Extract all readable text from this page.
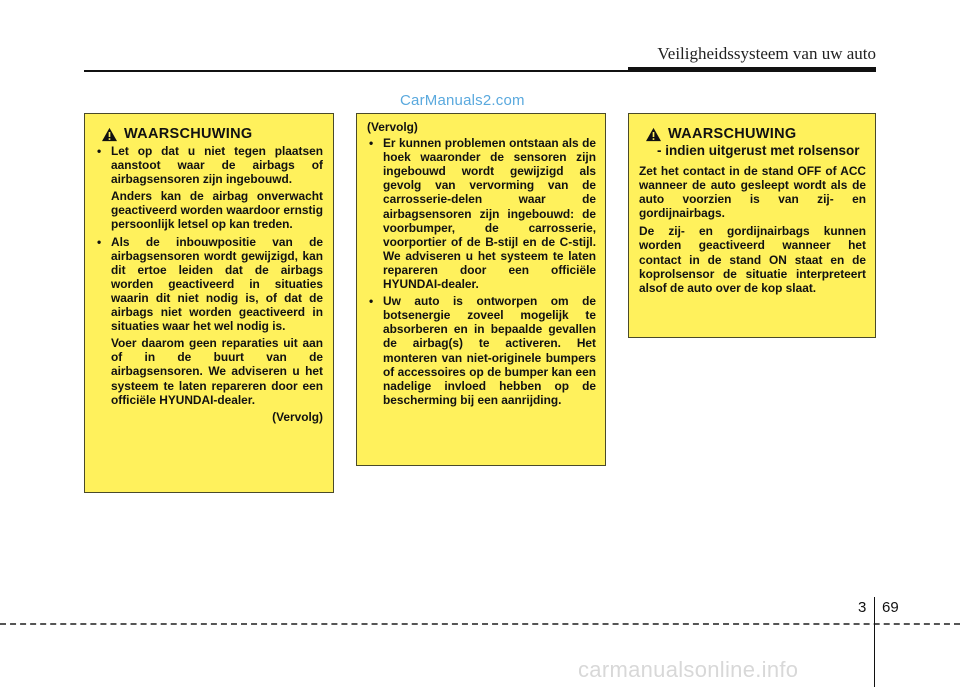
Veiligheidssysteem van uw auto
CarManuals2.com
WAARSCHUWING

• Let op dat u niet tegen plaatsen aanstoot waar de airbags of airbagsensoren zijn ingebouwd.

Anders kan de airbag onverwacht geactiveerd worden waardoor ernstig persoonlijk letsel op kan treden.

• Als de inbouwpositie van de airbagsensoren wordt gewijzigd, kan dit ertoe leiden dat de airbags worden geactiveerd in situaties waarin dit niet nodig is, of dat de airbags niet worden geactiveerd in situaties waar het wel nodig is.

Voer daarom geen reparaties uit aan of in de buurt van de airbagsensoren. We adviseren u het systeem te laten repareren door een officiële HYUNDAI-dealer.

(Vervolg)

(Vervolg)

• Er kunnen problemen ontstaan als de hoek waaronder de sensoren zijn ingebouwd wordt gewijzigd als gevolg van vervorming van de carrosserie-delen waar de airbagsensoren zijn ingebouwd: de voorbumper, de carrosserie, voorportier of de B-stijl en de C-stijl. We adviseren u het systeem te laten repareren door een officiële HYUNDAI-dealer.

• Uw auto is ontworpen om de botsenergie zoveel mogelijk te absorberen en in bepaalde gevallen de airbag(s) te activeren. Het monteren van niet-originele bumpers of accessoires op de bumper kan een nadelige invloed hebben op de bescherming bij een aanrijding.

WAARSCHUWING
- indien uitgerust met rolsensor

Zet het contact in de stand OFF of ACC wanneer de auto gesleept wordt als de auto voorzien is van zij- en gordijnairbags.

De zij- en gordijnairbags kunnen worden geactiveerd wanneer het contact in de stand ON staat en de koprolsensor de situatie interpreteert alsof de auto over de kop slaat.

3 69
carmanualsonline.info
